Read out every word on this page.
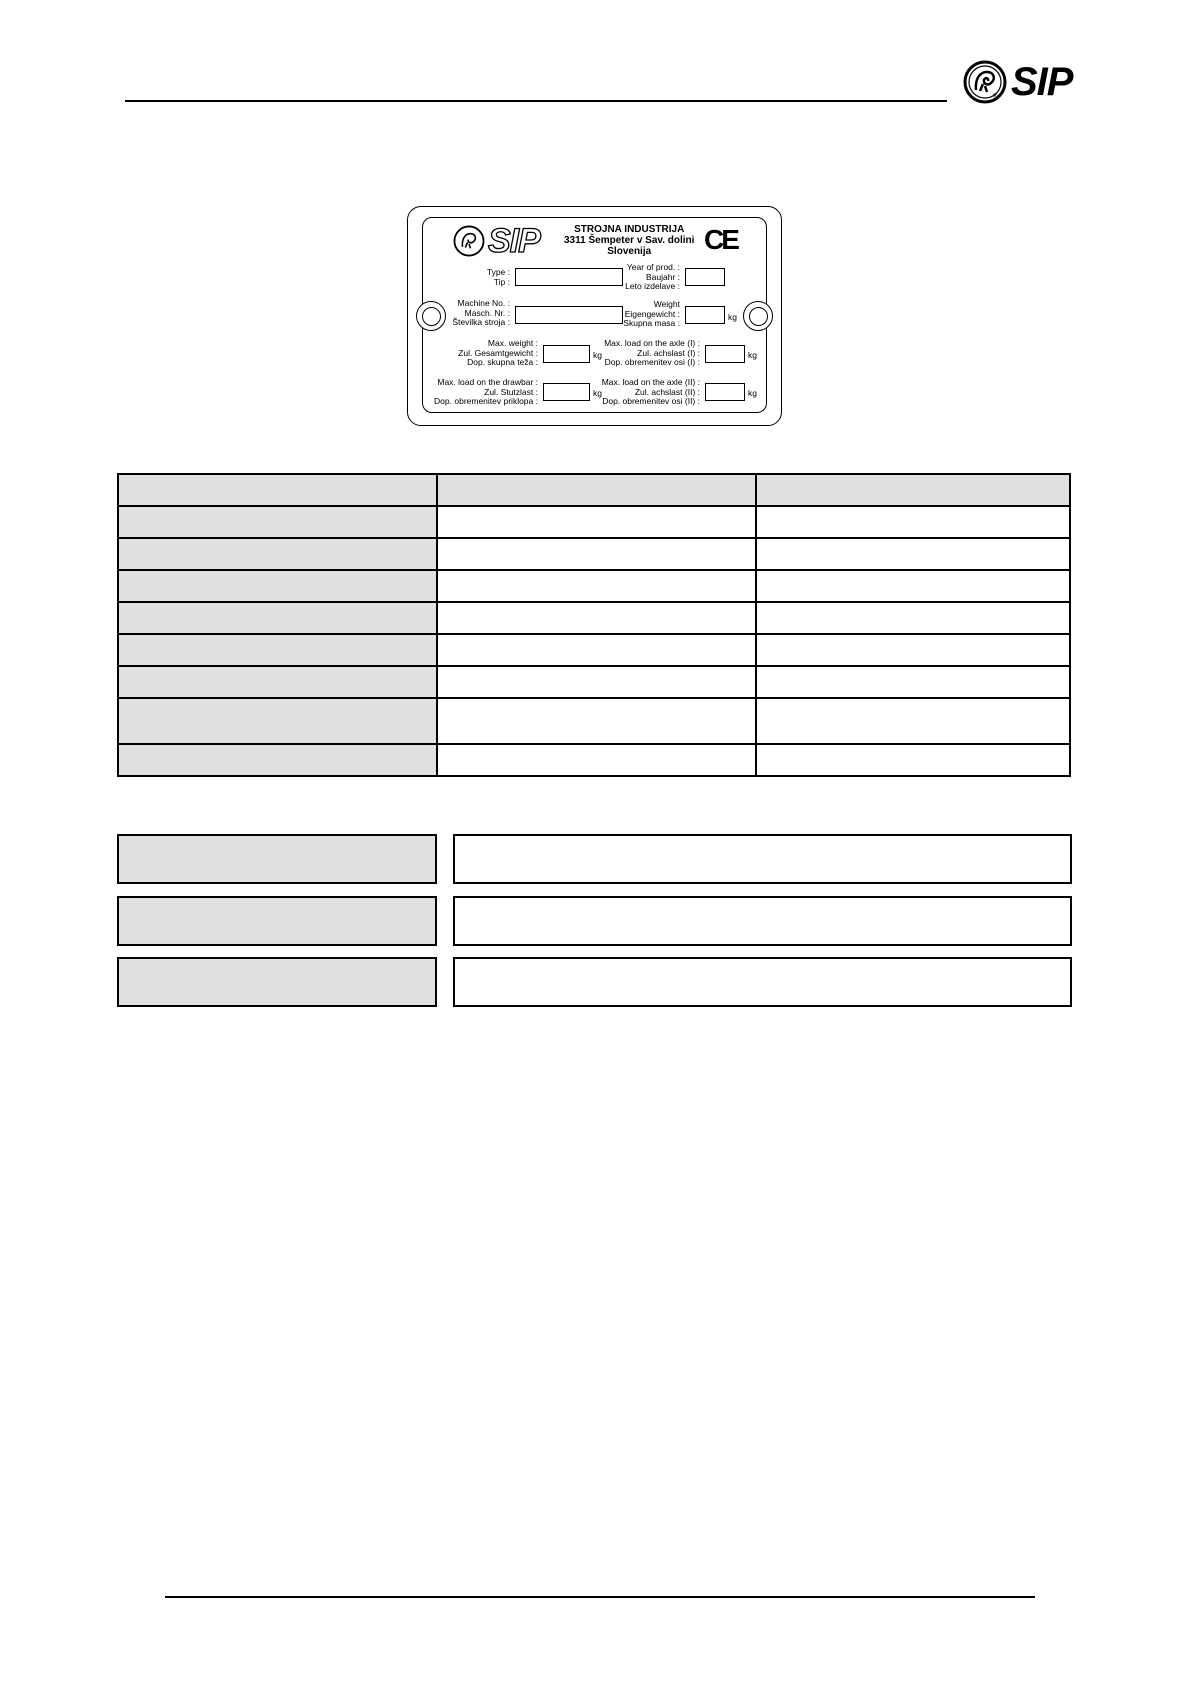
® SIP
SIP	STROJNA INDUSTRIJA
3311 Šempeter v Sav. dolini
Slovenija	CE
Type :
Tip :
Year of prod. :
Baujahr :
Leto izdelave :
Machine No. :
Masch. Nr. :
Številka stroja :
Weight
Eigengewicht :
Skupna masa :
kg
Max. weight :
Zul. Gesamtgewicht :
Dop. skupna teža :
kg
Max. load on the axle (I) :
Zul. achslast (I) :
Dop. obremenitev osi (I) :
kg
Max. load on the drawbar :
Zul. Stutzlast :
Dop. obremenitev priklopa :
kg
Max. load on the axle (II) :
Zul. achslast (II) :
Dop. obremenitev osi (II) :
kg
